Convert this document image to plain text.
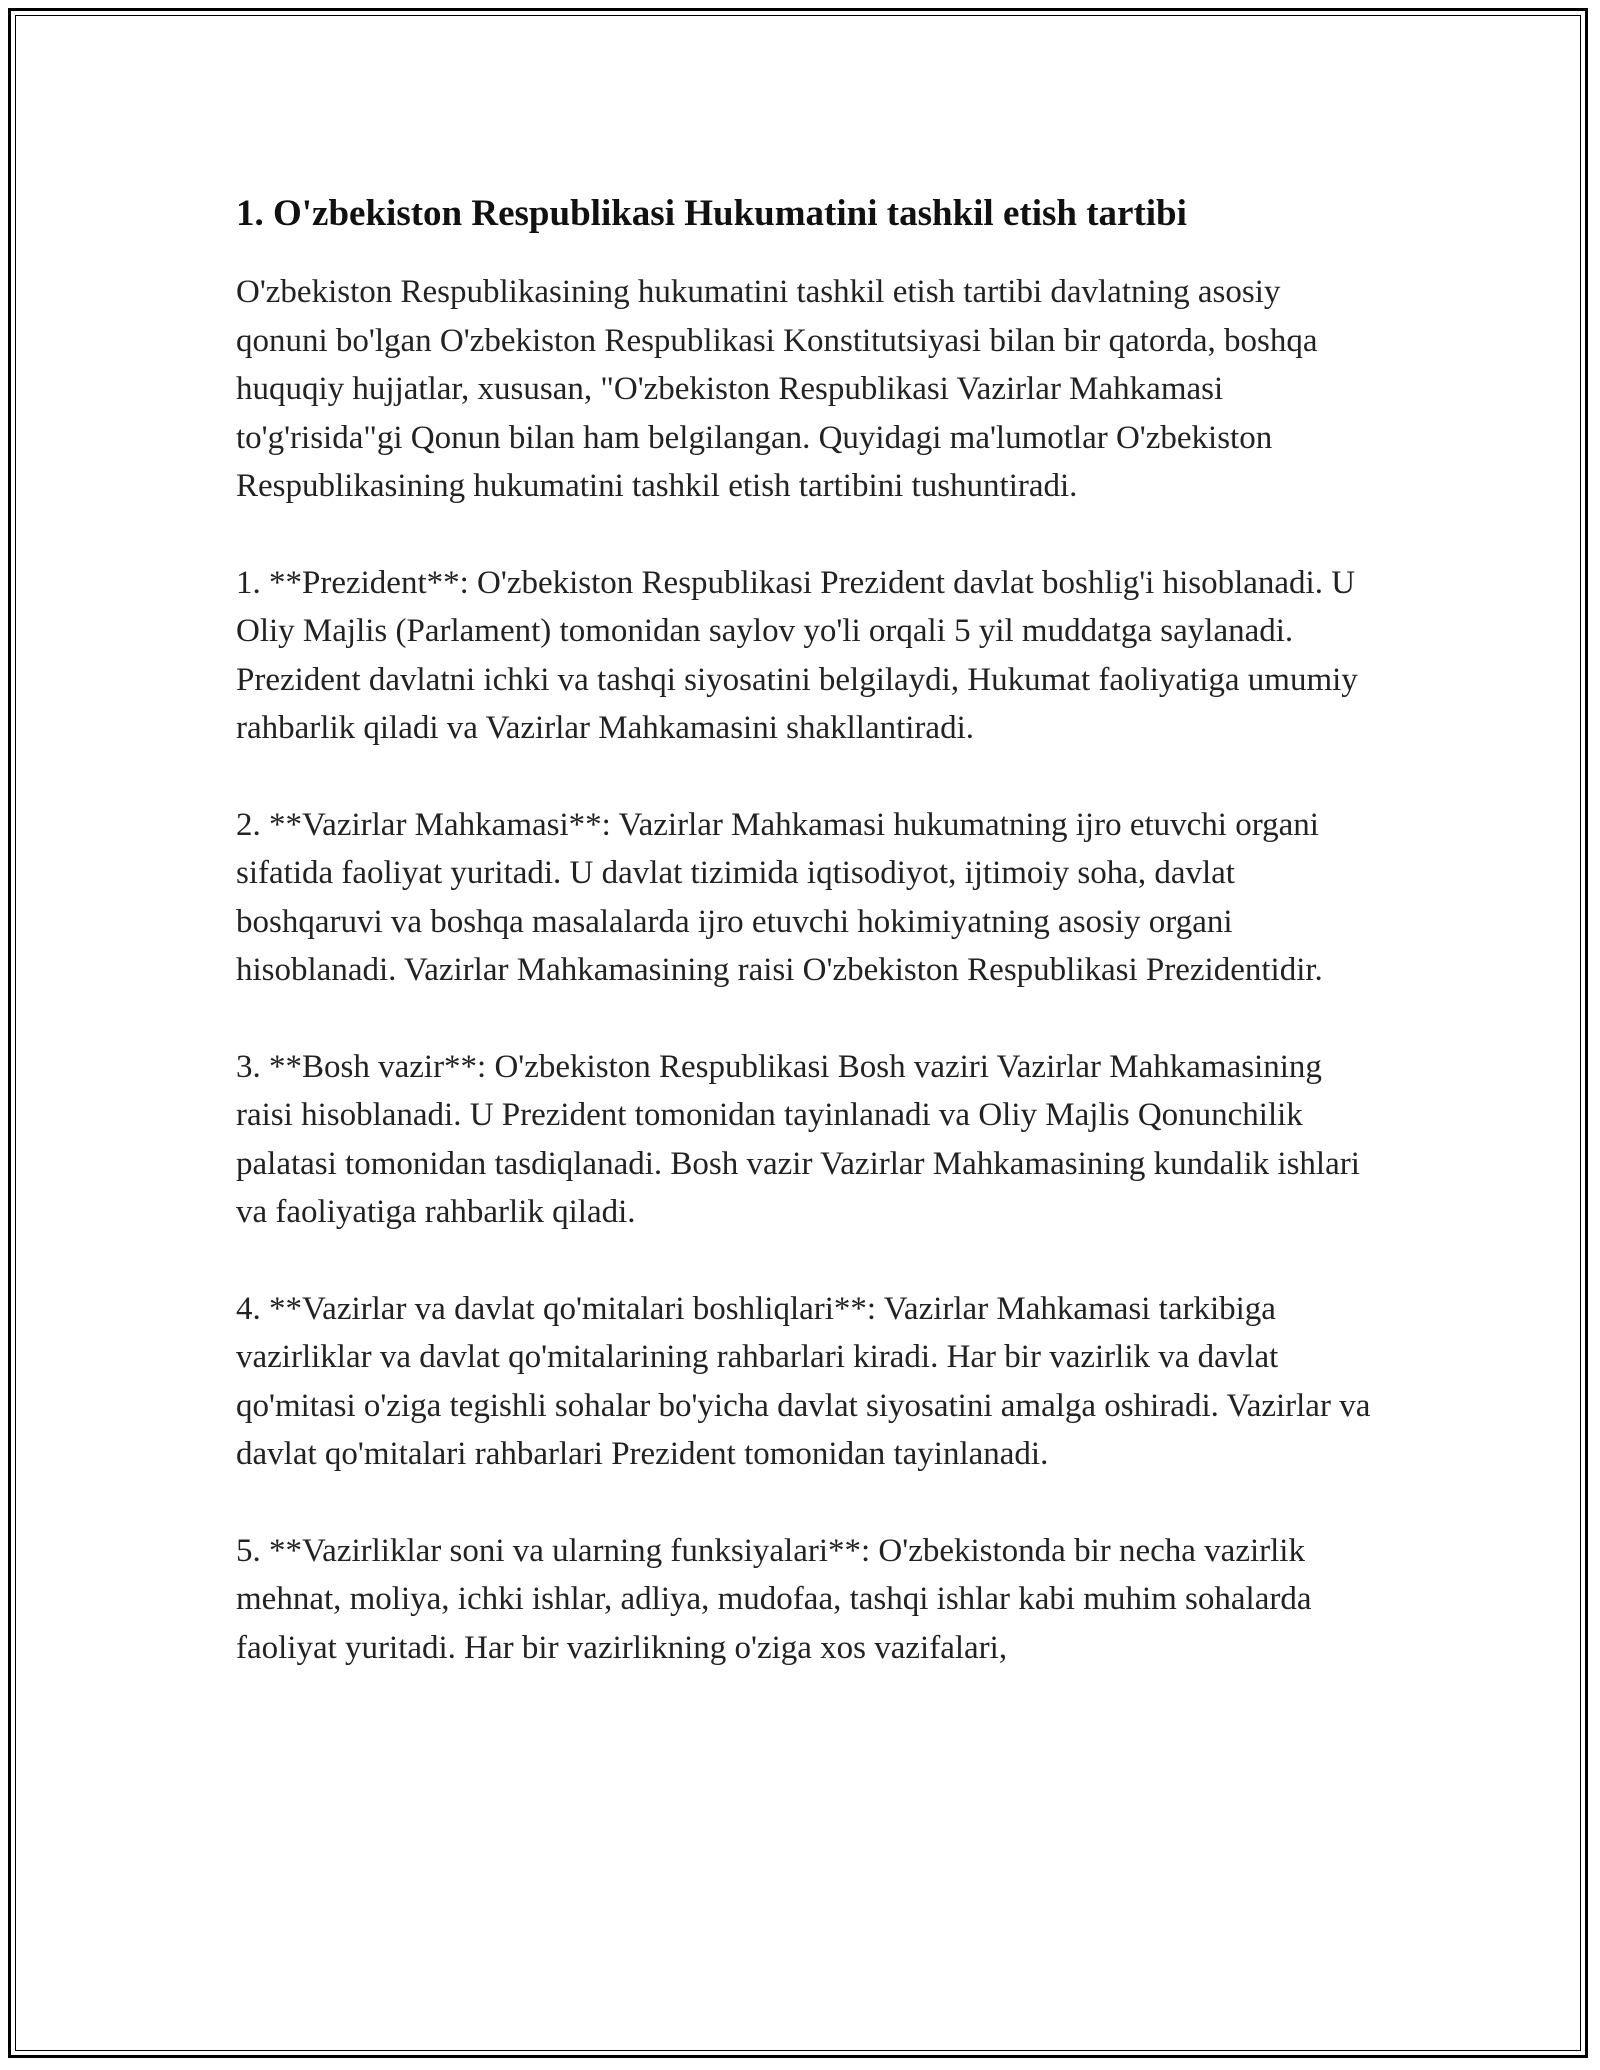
1. O'zbekiston Respublikasi Hukumatini tashkil etish tartibi

O'zbekiston Respublikasining hukumatini tashkil etish tartibi davlatning asosiy qonuni bo'lgan O'zbekiston Respublikasi Konstitutsiyasi bilan bir qatorda, boshqa huquqiy hujjatlar, xususan, "O'zbekiston Respublikasi Vazirlar Mahkamasi to'g'risida"gi Qonun bilan ham belgilangan. Quyidagi ma'lumotlar O'zbekiston Respublikasining hukumatini tashkil etish tartibini tushuntiradi.

1. **Prezident**: O'zbekiston Respublikasi Prezident davlat boshlig'i hisoblanadi. U Oliy Majlis (Parlament) tomonidan saylov yo'li orqali 5 yil muddatga saylanadi. Prezident davlatni ichki va tashqi siyosatini belgilaydi, Hukumat faoliyatiga umumiy rahbarlik qiladi va Vazirlar Mahkamasini shakllantiradi.

2. **Vazirlar Mahkamasi**: Vazirlar Mahkamasi hukumatning ijro etuvchi organi sifatida faoliyat yuritadi. U davlat tizimida iqtisodiyot, ijtimoiy soha, davlat boshqaruvi va boshqa masalalarda ijro etuvchi hokimiyatning asosiy organi hisoblanadi. Vazirlar Mahkamasining raisi O'zbekiston Respublikasi Prezidentidir.

3. **Bosh vazir**: O'zbekiston Respublikasi Bosh vaziri Vazirlar Mahkamasining raisi hisoblanadi. U Prezident tomonidan tayinlanadi va Oliy Majlis Qonunchilik palatasi tomonidan tasdiqlanadi. Bosh vazir Vazirlar Mahkamasining kundalik ishlari va faoliyatiga rahbarlik qiladi.

4. **Vazirlar va davlat qo'mitalari boshliqlari**: Vazirlar Mahkamasi tarkibiga vazirliklar va davlat qo'mitalarining rahbarlari kiradi. Har bir vazirlik va davlat qo'mitasi o'ziga tegishli sohalar bo'yicha davlat siyosatini amalga oshiradi. Vazirlar va davlat qo'mitalari rahbarlari Prezident tomonidan tayinlanadi.

5. **Vazirliklar soni va ularning funksiyalari**: O'zbekistonda bir necha vazirlik mehnat, moliya, ichki ishlar, adliya, mudofaa, tashqi ishlar kabi muhim sohalarda faoliyat yuritadi. Har bir vazirlikning o'ziga xos vazifalari,
